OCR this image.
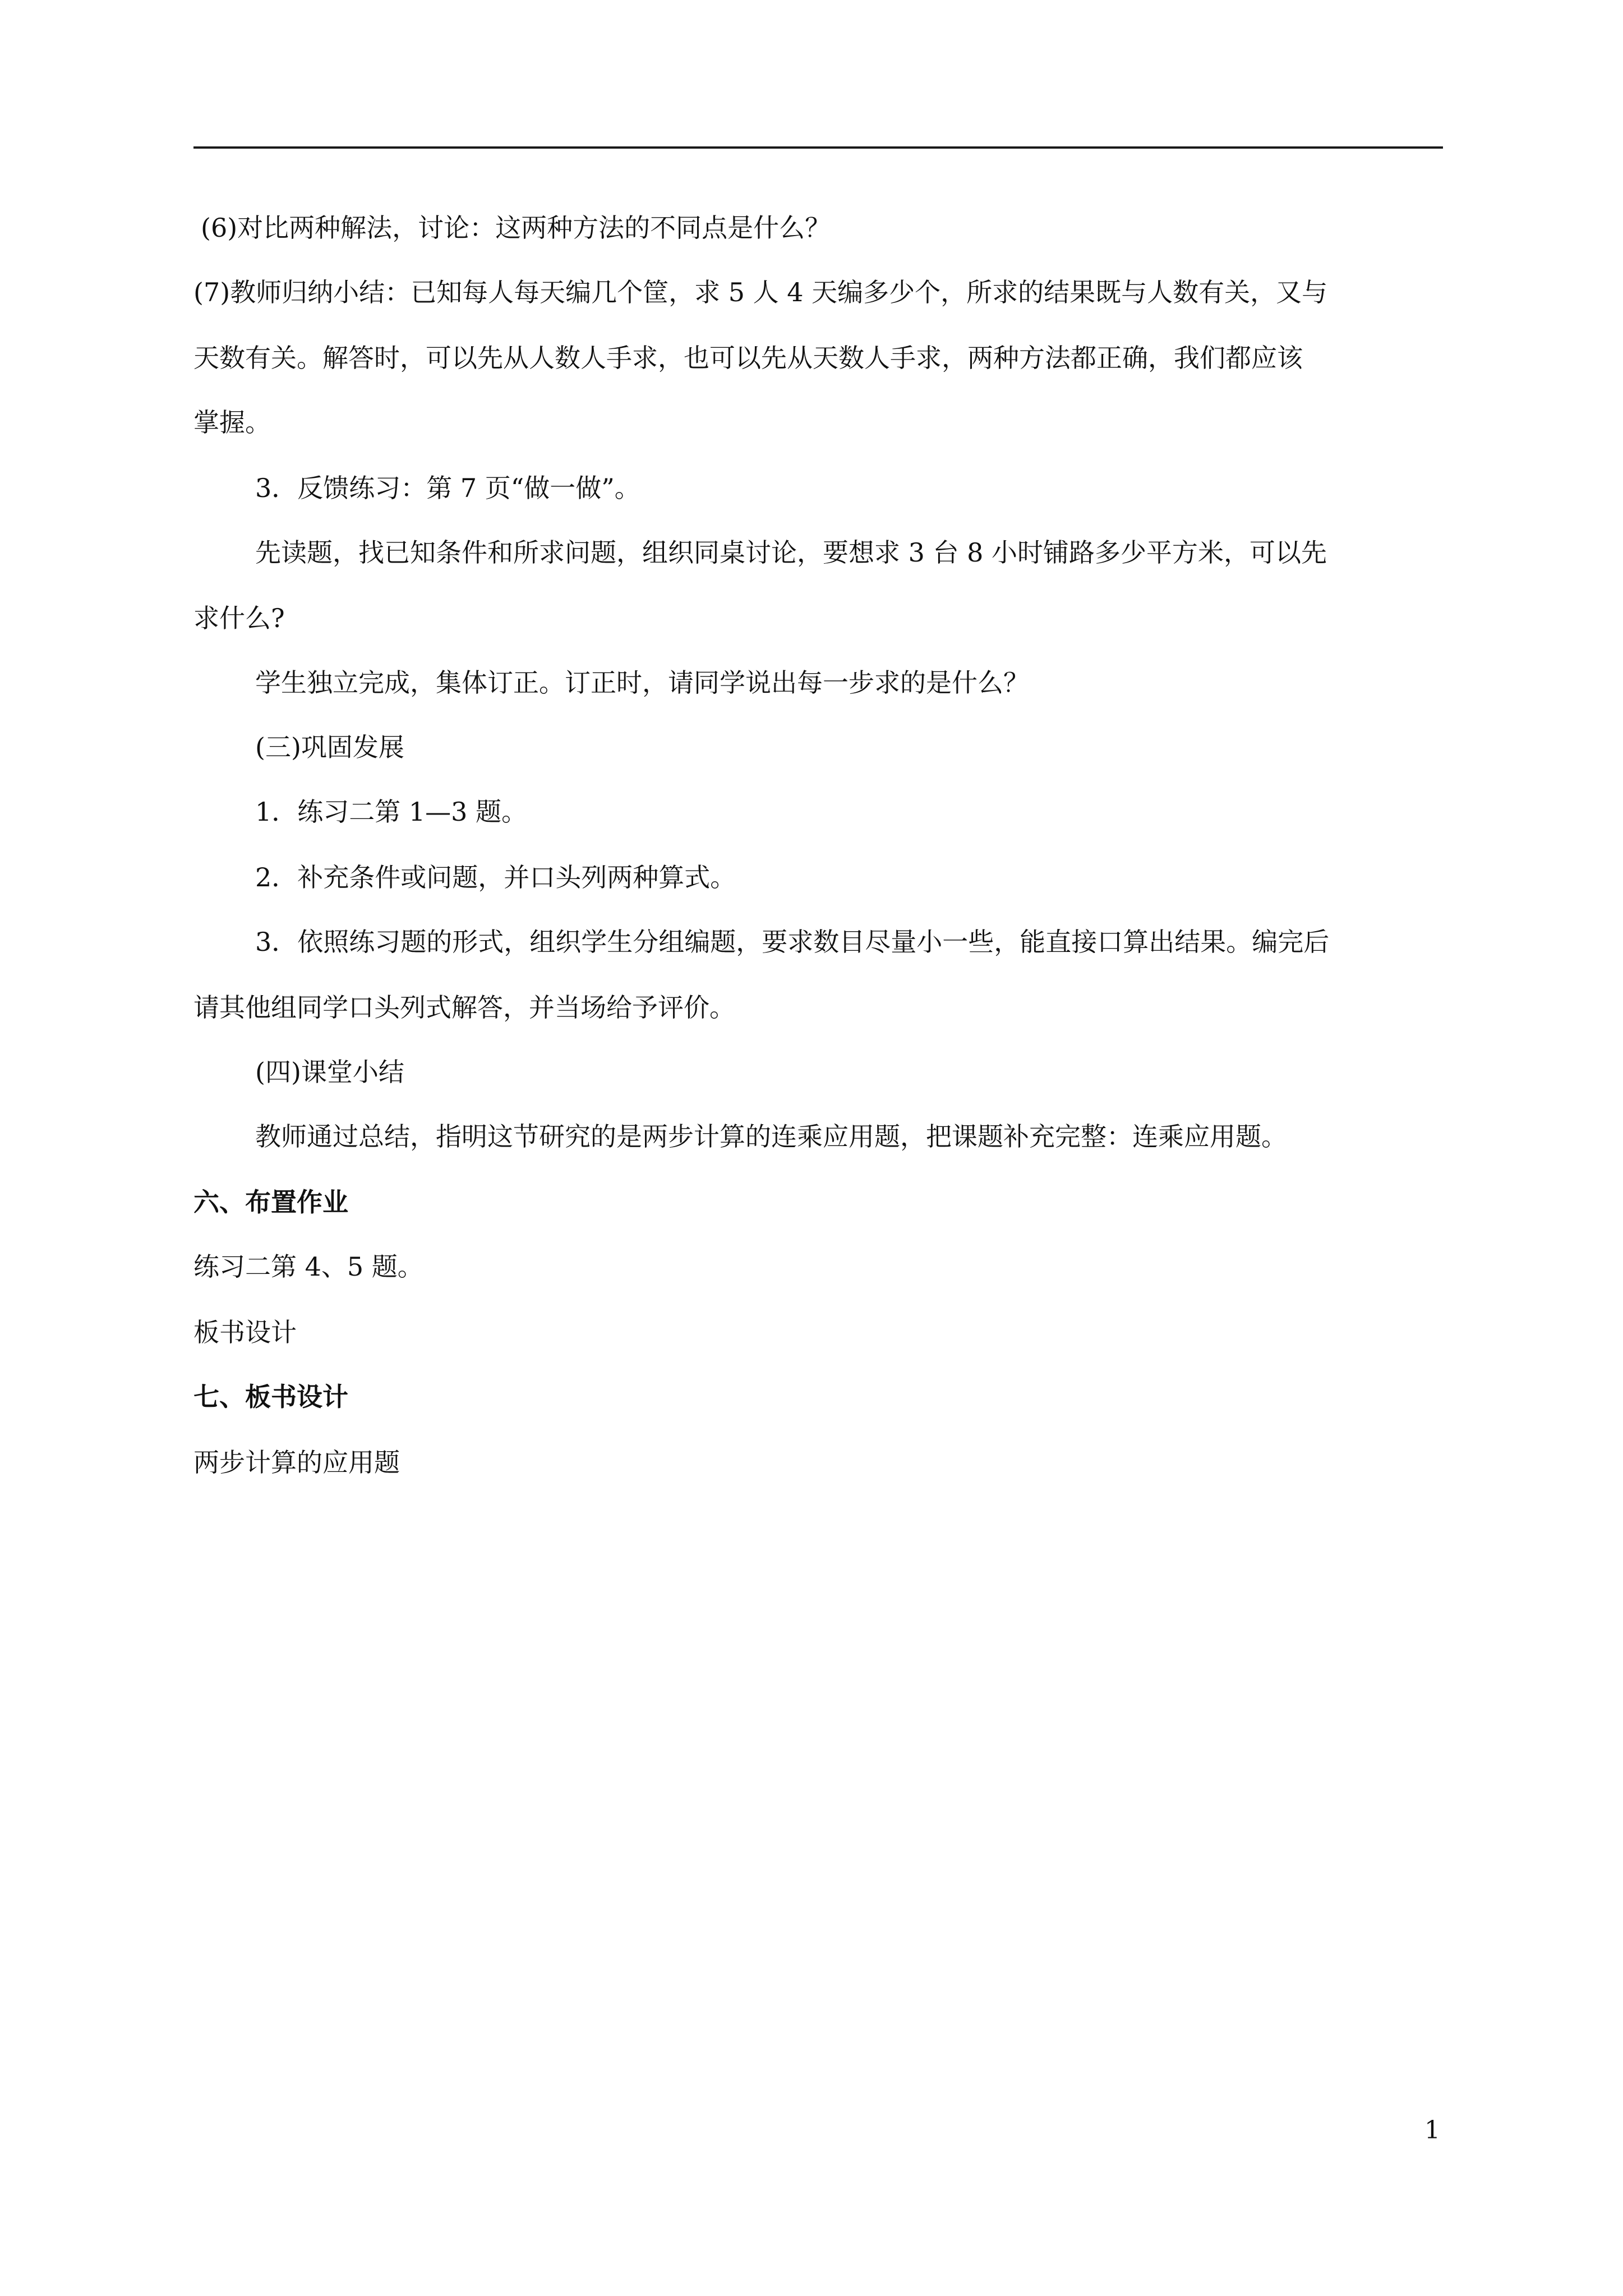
(6)对比两种解法，讨论：这两种方法的不同点是什么？
(7)教师归纳小结：已知每人每天编几个筐，求 5 人 4 天编多少个，所求的结果既与人数有关，又与
天数有关。解答时，可以先从人数人手求，也可以先从天数人手求，两种方法都正确，我们都应该
掌握。
3．反馈练习：第 7 页“做一做”。
先读题，找已知条件和所求问题，组织同桌讨论，要想求 3 台 8 小时铺路多少平方米，可以先
求什么?
学生独立完成，集体订正。订正时，请同学说出每一步求的是什么？
(三)巩固发展
1．练习二第 1—3 题。
2．补充条件或问题，并口头列两种算式。
3．依照练习题的形式，组织学生分组编题，要求数目尽量小一些，能直接口算出结果。编完后
请其他组同学口头列式解答，并当场给予评价。
(四)课堂小结
教师通过总结，指明这节研究的是两步计算的连乘应用题，把课题补充完整：连乘应用题。
六、布置作业
练习二第 4、5 题。
板书设计
七、板书设计
两步计算的应用题
1
